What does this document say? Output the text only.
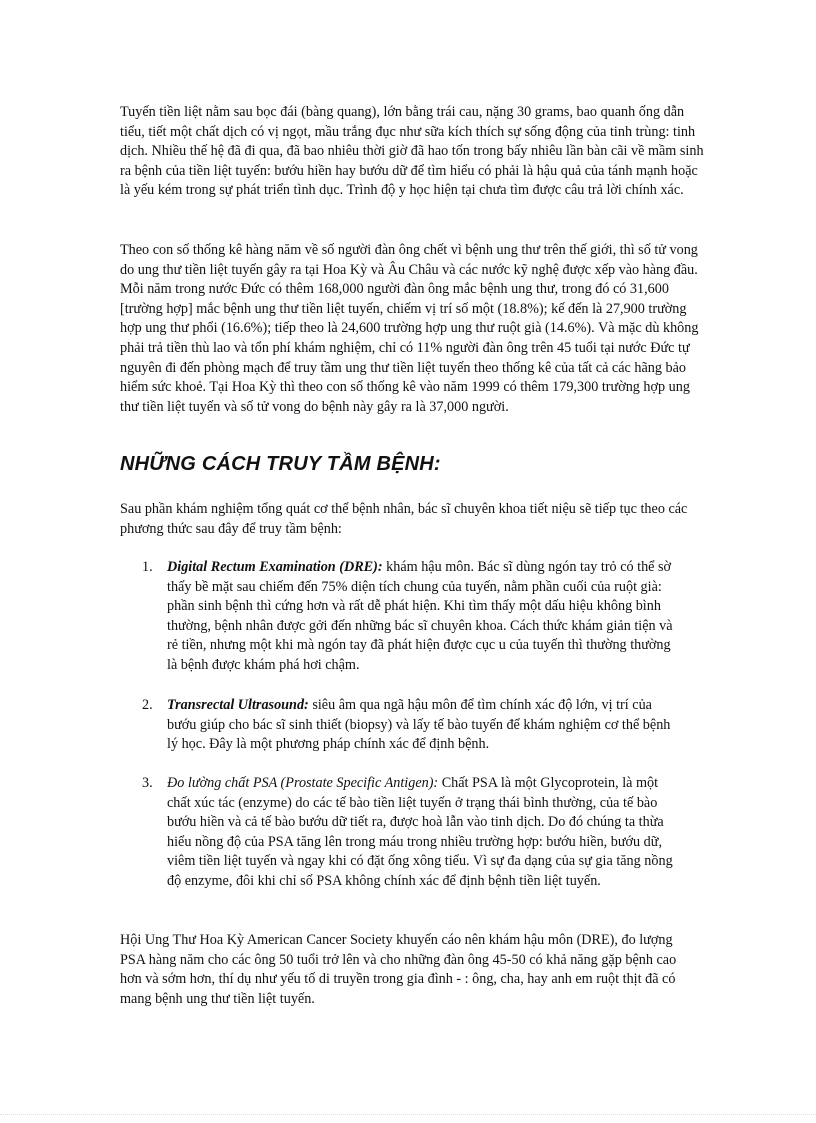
Tuyến tiền liệt nằm sau bọc đái (bàng quang), lớn bằng trái cau, nặng 30 grams, bao quanh ống dẫn tiểu, tiết một chất dịch có vị ngọt, mầu trắng đục như sữa kích thích sự sống động của tinh trùng: tinh dịch. Nhiều thế hệ đã đi qua, đã bao nhiêu thời giờ đã hao tốn trong bấy nhiêu lần bàn cãi về mầm sinh ra bệnh của tiền liệt tuyến: bướu hiền hay bướu dữ để tìm hiểu có phải là hậu quả của tánh mạnh hoặc là yếu kém trong sự phát triển tình dục. Trình độ y học hiện tại chưa tìm được câu trả lời chính xác.

Theo con số thống kê hàng năm về số người đàn ông chết vì bệnh ung thư trên thế giới, thì số tử vong do ung thư tiền liệt tuyến gây ra tại Hoa Kỳ và Âu Châu và các nước kỹ nghệ được xếp vào hàng đầu. Mỗi năm trong nước Đức có thêm 168,000 người đàn ông mắc bệnh ung thư, trong đó có 31,600 [trường hợp] mắc bệnh ung thư tiền liệt tuyến, chiếm vị trí số một (18.8%); kế đến là 27,900 trường hợp ung thư phổi (16.6%); tiếp theo là 24,600 trường hợp ung thư ruột già (14.6%). Và mặc dù không phải trả tiền thù lao và tổn phí khám nghiệm, chỉ có 11% người đàn ông trên 45 tuổi tại nước Đức tự nguyên đi đến phòng mạch để truy tầm ung thư tiền liệt tuyến theo thống kê của tất cả các hãng bảo hiểm sức khoẻ. Tại Hoa Kỳ thì theo con số thống kê vào năm 1999 có thêm 179,300 trường hợp ung thư tiền liệt tuyến và số tử vong do bệnh này gây ra là 37,000 người.

NHỮNG CÁCH TRUY TẦM BỆNH:

Sau phần khám nghiệm tổng quát cơ thể bệnh nhân, bác sĩ chuyên khoa tiết niệu sẽ tiếp tục theo các phương thức sau đây để truy tầm bệnh:

1. Digital Rectum Examination (DRE): khám hậu môn. Bác sĩ dùng ngón tay trỏ có thể sờ thấy bề mặt sau chiếm đến 75% diện tích chung của tuyến, nằm phần cuối của ruột già: phần sinh bệnh thì cứng hơn và rất dễ phát hiện. Khi tìm thấy một dấu hiệu không bình thường, bệnh nhân được gởi đến những bác sĩ chuyên khoa. Cách thức khám giản tiện và rẻ tiền, nhưng một khi mà ngón tay đã phát hiện được cục u của tuyến thì thường thường là bệnh được khám phá hơi chậm.
2. Transrectal Ultrasound: siêu âm qua ngã hậu môn để tìm chính xác độ lớn, vị trí của bướu giúp cho bác sĩ sinh thiết (biopsy) và lấy tế bào tuyến để khám nghiệm cơ thể bệnh lý học. Đây là một phương pháp chính xác để định bệnh.
3. Đo lường chất PSA (Prostate Specific Antigen): Chất PSA là một Glycoprotein, là một chất xúc tác (enzyme) do các tế bào tiền liệt tuyến ở trạng thái bình thường, của tế bào bướu hiền và cả tế bào bướu dữ tiết ra, được hoà lẫn vào tinh dịch. Do đó chúng ta thừa hiểu nồng độ của PSA tăng lên trong máu trong nhiều trường hợp: bướu hiền, bướu dữ, viêm tiền liệt tuyến và ngay khi có đặt ống xông tiểu. Vì sự đa dạng của sự gia tăng nồng độ enzyme, đôi khi chỉ số PSA không chính xác để định bệnh tiền liệt tuyến.

Hội Ung Thư Hoa Kỳ American Cancer Society khuyến cáo nên khám hậu môn (DRE), đo lượng PSA hàng năm cho các ông 50 tuổi trở lên và cho những đàn ông 45-50 có khả năng gặp bệnh cao hơn và sớm hơn, thí dụ như yếu tố di truyền trong gia đình - : ông, cha, hay anh em ruột thịt đã có mang bệnh ung thư tiền liệt tuyến.
